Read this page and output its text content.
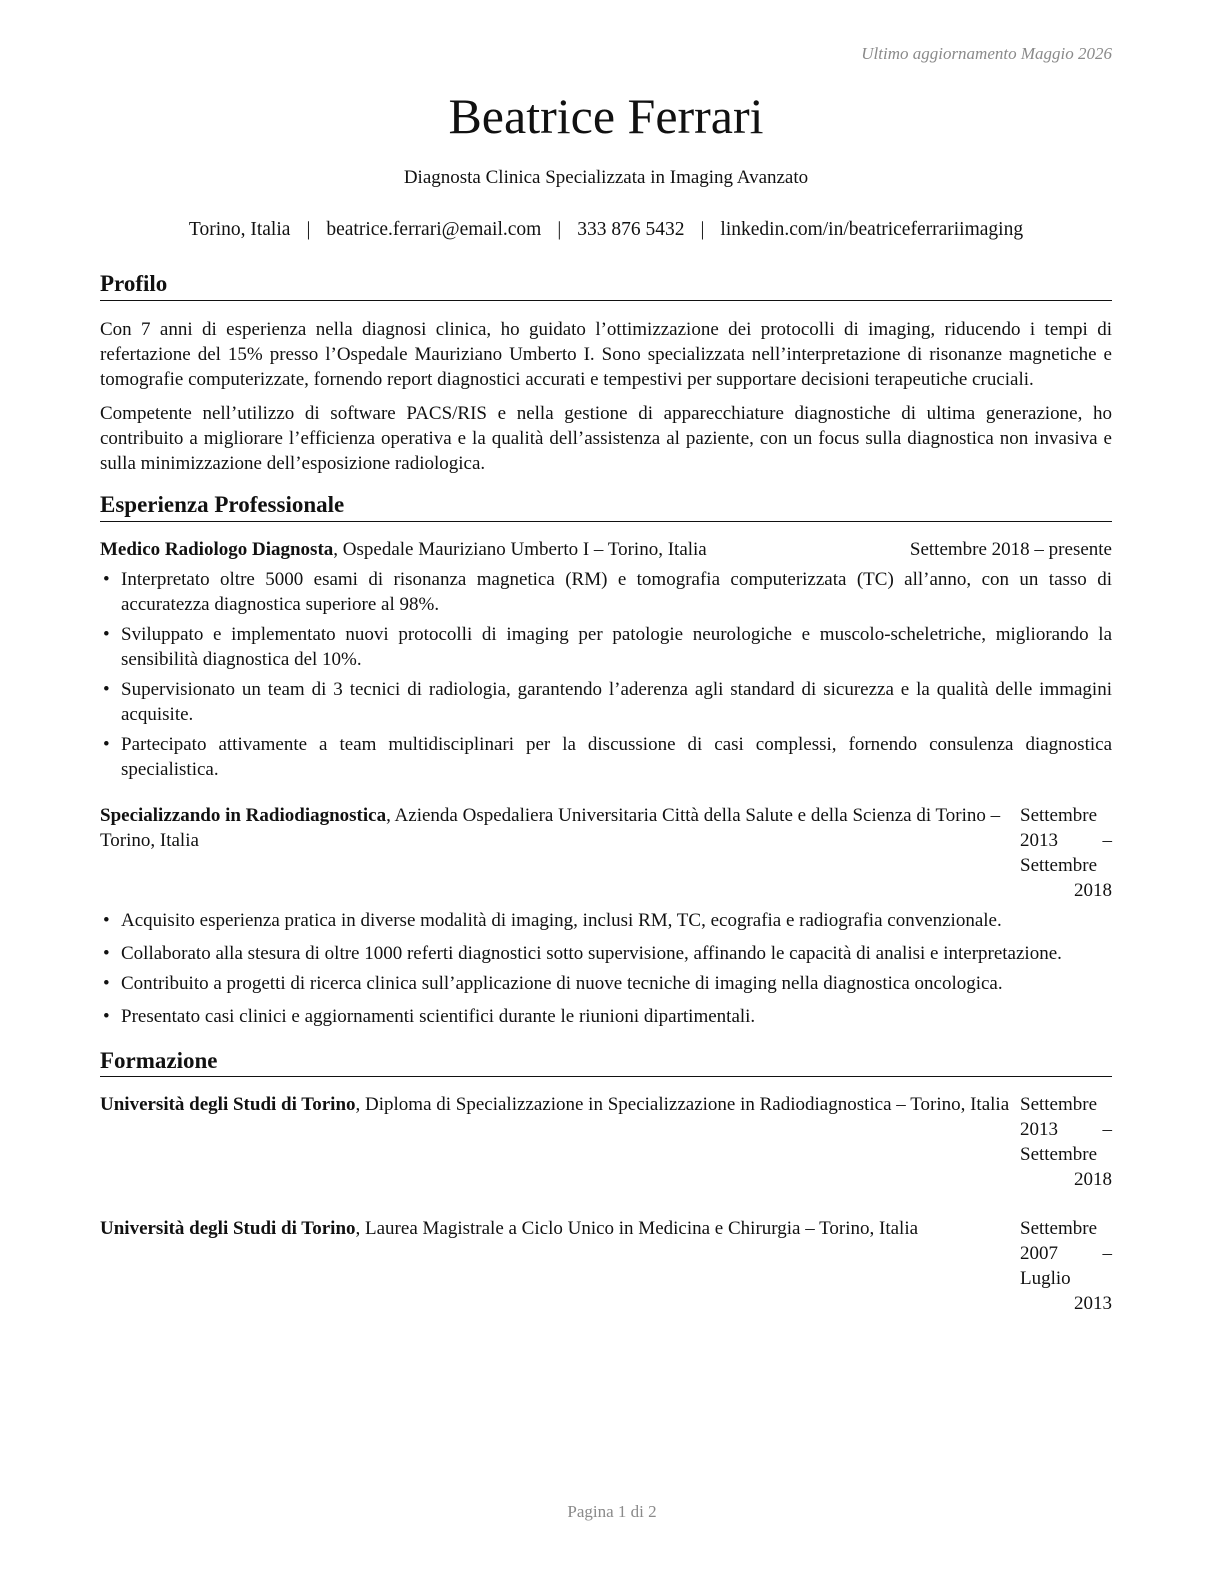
Ultimo aggiornamento Maggio 2026
Beatrice Ferrari
Diagnosta Clinica Specializzata in Imaging Avanzato
Torino, Italia | beatrice.ferrari@email.com | 333 876 5432 | linkedin.com/in/beatriceferrariimaging
Profilo

Con 7 anni di esperienza nella diagnosi clinica, ho guidato l’ottimizzazione dei protocolli di imaging, riducendo i tempi di refertazione del 15% presso l’Ospedale Mauriziano Umberto I. Sono specializzata nell’interpretazione di risonanze magnetiche e tomografie computerizzate, fornendo report diagnostici accurati e tempestivi per supportare decisioni terapeutiche cruciali.

Competente nell’utilizzo di software PACS/RIS e nella gestione di apparecchiature diagnostiche di ultima generazione, ho contribuito a migliorare l’efficienza operativa e la qualità dell’assistenza al paziente, con un focus sulla diagnostica non invasiva e sulla minimizzazione dell’esposizione radiologica.

Esperienza Professionale
Medico Radiologo Diagnosta, Ospedale Mauriziano Umberto I – Torino, Italia	Settembre 2018 – presente
• Interpretato oltre 5000 esami di risonanza magnetica (RM) e tomografia computerizzata (TC) all’anno, con un tasso di accuratezza diagnostica superiore al 98%.
• Sviluppato e implementato nuovi protocolli di imaging per patologie neurologiche e muscolo-scheletriche, migliorando la sensibilità diagnostica del 10%.
• Supervisionato un team di 3 tecnici di radiologia, garantendo l’aderenza agli standard di sicurezza e la qualità delle immagini acquisite.
• Partecipato attivamente a team multidisciplinari per la discussione di casi complessi, fornendo consulenza diagnostica specialistica.
Specializzando in Radiodiagnostica, Azienda Ospedaliera Universitaria Città della Salute e della Scienza di Torino – Torino, Italia
Settembre 2013 – Settembre 2018
• Acquisito esperienza pratica in diverse modalità di imaging, inclusi RM, TC, ecografia e radiografia convenzionale.
• Collaborato alla stesura di oltre 1000 referti diagnostici sotto supervisione, affinando le capacità di analisi e interpretazione.
• Contribuito a progetti di ricerca clinica sull’applicazione di nuove tecniche di imaging nella diagnostica oncologica.
• Presentato casi clinici e aggiornamenti scientifici durante le riunioni dipartimentali.
Formazione
Università degli Studi di Torino, Diploma di Specializzazione in Specializzazione in Radiodiagnostica – Torino, Italia Settembre 2013 – Settembre 2018
Università degli Studi di Torino, Laurea Magistrale a Ciclo Unico in Medicina e Chirurgia – Torino, Italia	Settembre 2007 – Luglio 2013
Pagina 1 di 2
